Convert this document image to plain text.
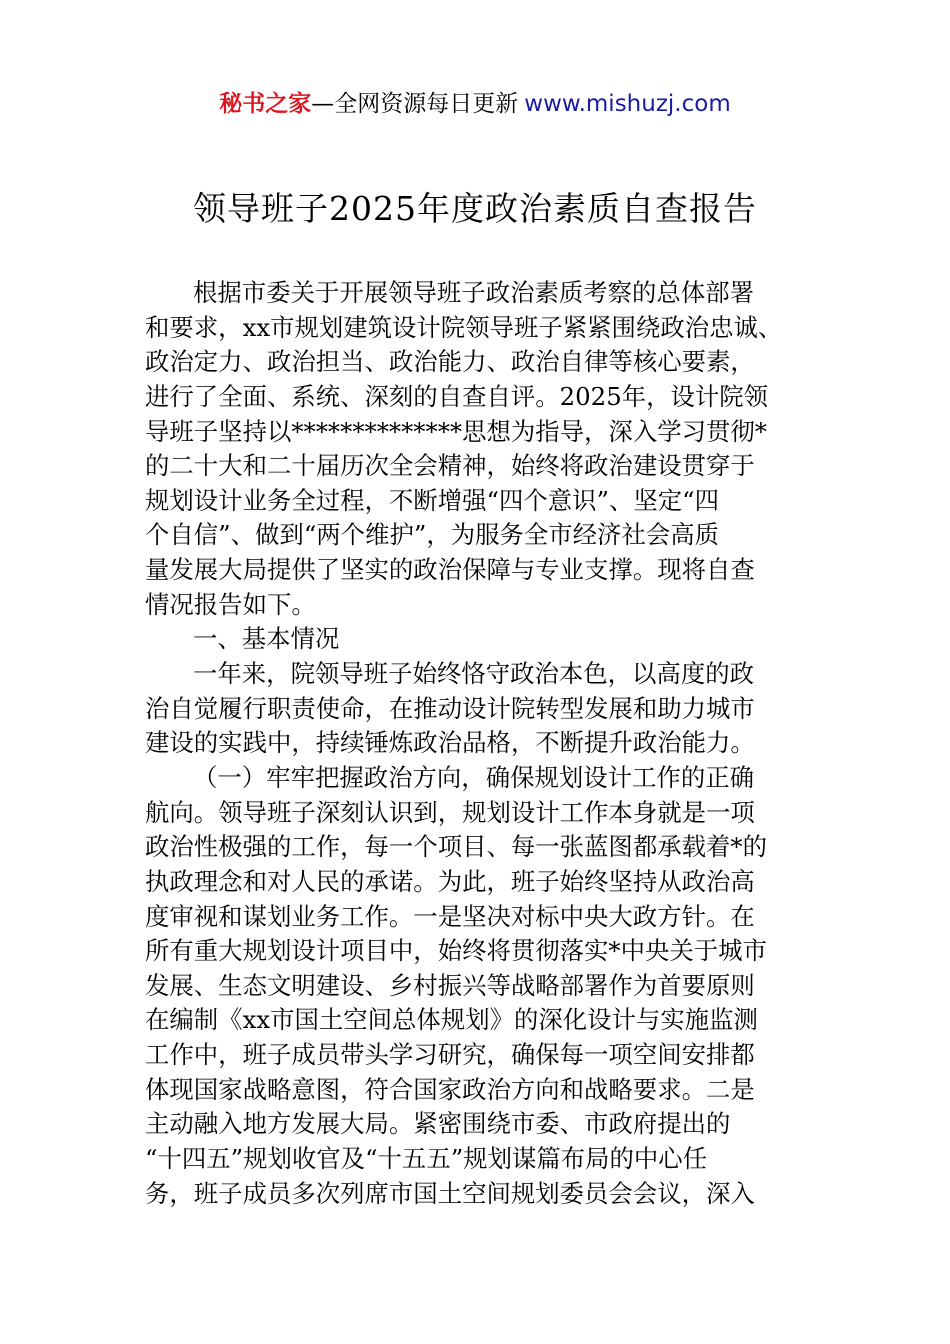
秘书之家—全网资源每日更新 www.mishuzj.com
领导班子2025年度政治素质自查报告
根据市委关于开展领导班子政治素质考察的总体部署
和要求，xx市规划建筑设计院领导班子紧紧围绕政治忠诚、
政治定力、政治担当、政治能力、政治自律等核心要素，
进行了全面、系统、深刻的自查自评。2025年，设计院领
导班子坚持以**************思想为指导，深入学习贯彻*
的二十大和二十届历次全会精神，始终将政治建设贯穿于
规划设计业务全过程，不断增强“四个意识”、坚定“四
个自信”、做到“两个维护”，为服务全市经济社会高质
量发展大局提供了坚实的政治保障与专业支撑。现将自查
情况报告如下。
一、基本情况
一年来，院领导班子始终恪守政治本色，以高度的政
治自觉履行职责使命，在推动设计院转型发展和助力城市
建设的实践中，持续锤炼政治品格，不断提升政治能力。
（一）牢牢把握政治方向，确保规划设计工作的正确
航向。领导班子深刻认识到，规划设计工作本身就是一项
政治性极强的工作，每一个项目、每一张蓝图都承载着*的
执政理念和对人民的承诺。为此，班子始终坚持从政治高
度审视和谋划业务工作。一是坚决对标中央大政方针。在
所有重大规划设计项目中，始终将贯彻落实*中央关于城市
发展、生态文明建设、乡村振兴等战略部署作为首要原则
在编制《xx市国土空间总体规划》的深化设计与实施监测
工作中，班子成员带头学习研究，确保每一项空间安排都
体现国家战略意图，符合国家政治方向和战略要求。二是
主动融入地方发展大局。紧密围绕市委、市政府提出的
“十四五”规划收官及“十五五”规划谋篇布局的中心任
务，班子成员多次列席市国土空间规划委员会会议，深入
